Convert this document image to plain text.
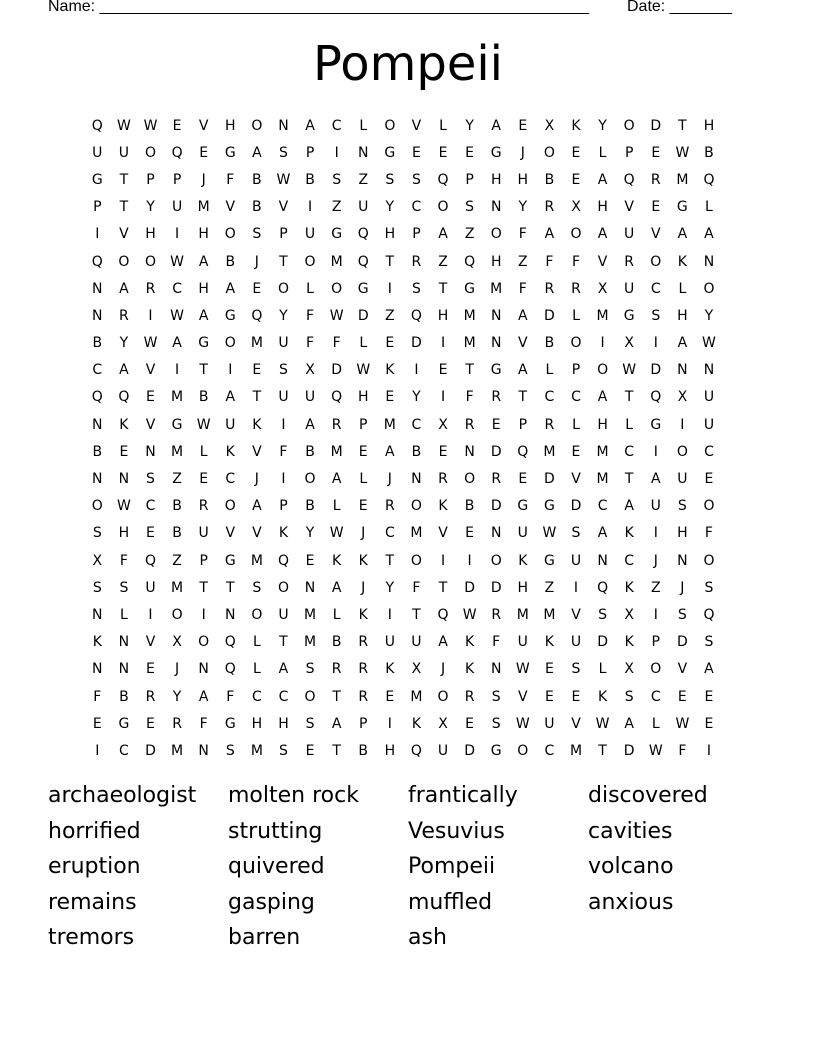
Name: _______________________________________________________ Date: _______
Pompeii
Q	W W	E	V	H	O	N	A	C	L	O	V	L	Y	A	E	X	K	Y	O	D	T	H
U	U	O	Q	E	G	A	S	P	I	N	G	E	E	E	G	J	O	E	L	P	E	W	B
G	T	P	P	J	F	B	W	B	S	Z	S	S	Q	P	H	H	B	E	A	Q	R	M	Q
P	T	Y	U	M	V	B	V	I	Z	U	Y	C	O	S	N	Y	R	X	H	V	E	G	L
I	V	H	I	H	O	S	P	U	G	Q	H	P	A	Z	O	F	A	O	A	U	V	A	A
Q	O	O	W	A	B	J	T	O	M	Q	T	R	Z	Q	H	Z	F	F	V	R	O	K	N
N	A	R	C	H	A	E	O	L	O	G	I	S	T	G	M	F	R	R	X	U	C	L	O
N	R	I	W	A	G	Q	Y	F	W	D	Z	Q	H	M	N	A	D	L	M	G	S	H	Y
B	Y	W	A	G	O	M	U	F	F	L	E	D	I	M	N	V	B	O	I	X	I	A	W
C	A	V	I	T	I	E	S	X	D	W	K	I	E	T	G	A	L	P	O	W	D	N	N
Q	Q	E	M	B	A	T	U	U	Q	H	E	Y	I	F	R	T	C	C	A	T	Q	X	U
N	K	V	G	W	U	K	I	A	R	P	M	C	X	R	E	P	R	L	H	L	G	I	U
B	E	N	M	L	K	V	F	B	M	E	A	B	E	N	D	Q	M	E	M	C	I	O	C
N	N	S	Z	E	C	J	I	O	A	L	J	N	R	O	R	E	D	V	M	T	A	U	E
O	W	C	B	R	O	A	P	B	L	E	R	O	K	B	D	G	G	D	C	A	U	S	O
S	H	E	B	U	V	V	K	Y	W	J	C	M	V	E	N	U	W	S	A	K	I	H	F
X	F	Q	Z	P	G	M	Q	E	K	K	T	O	I	I	O	K	G	U	N	C	J	N	O
S	S	U	M	T	T	S	O	N	A	J	Y	F	T	D	D	H	Z	I	Q	K	Z	J	S
N	L	I	O	I	N	O	U	M	L	K	I	T	Q	W	R	M	M	V	S	X	I	S	Q
K	N	V	X	O	Q	L	T	M	B	R	U	U	A	K	F	U	K	U	D	K	P	D	S
N	N	E	J	N	Q	L	A	S	R	R	K	X	J	K	N	W	E	S	L	X	O	V	A
F	B	R	Y	A	F	C	C	O	T	R	E	M	O	R	S	V	E	E	K	S	C	E	E
E	G	E	R	F	G	H	H	S	A	P	I	K	X	E	S	W	U	V	W	A	L	W	E
I	C	D	M	N	S	M	S	E	T	B	H	Q	U	D	G	O	C	M	T	D	W	F	I
archaeologist	molten rock	frantically	discovered
horrified	strutting	Vesuvius	cavities
eruption	quivered	Pompeii	volcano
remains	gasping	muffled	anxious
tremors	barren	ash
